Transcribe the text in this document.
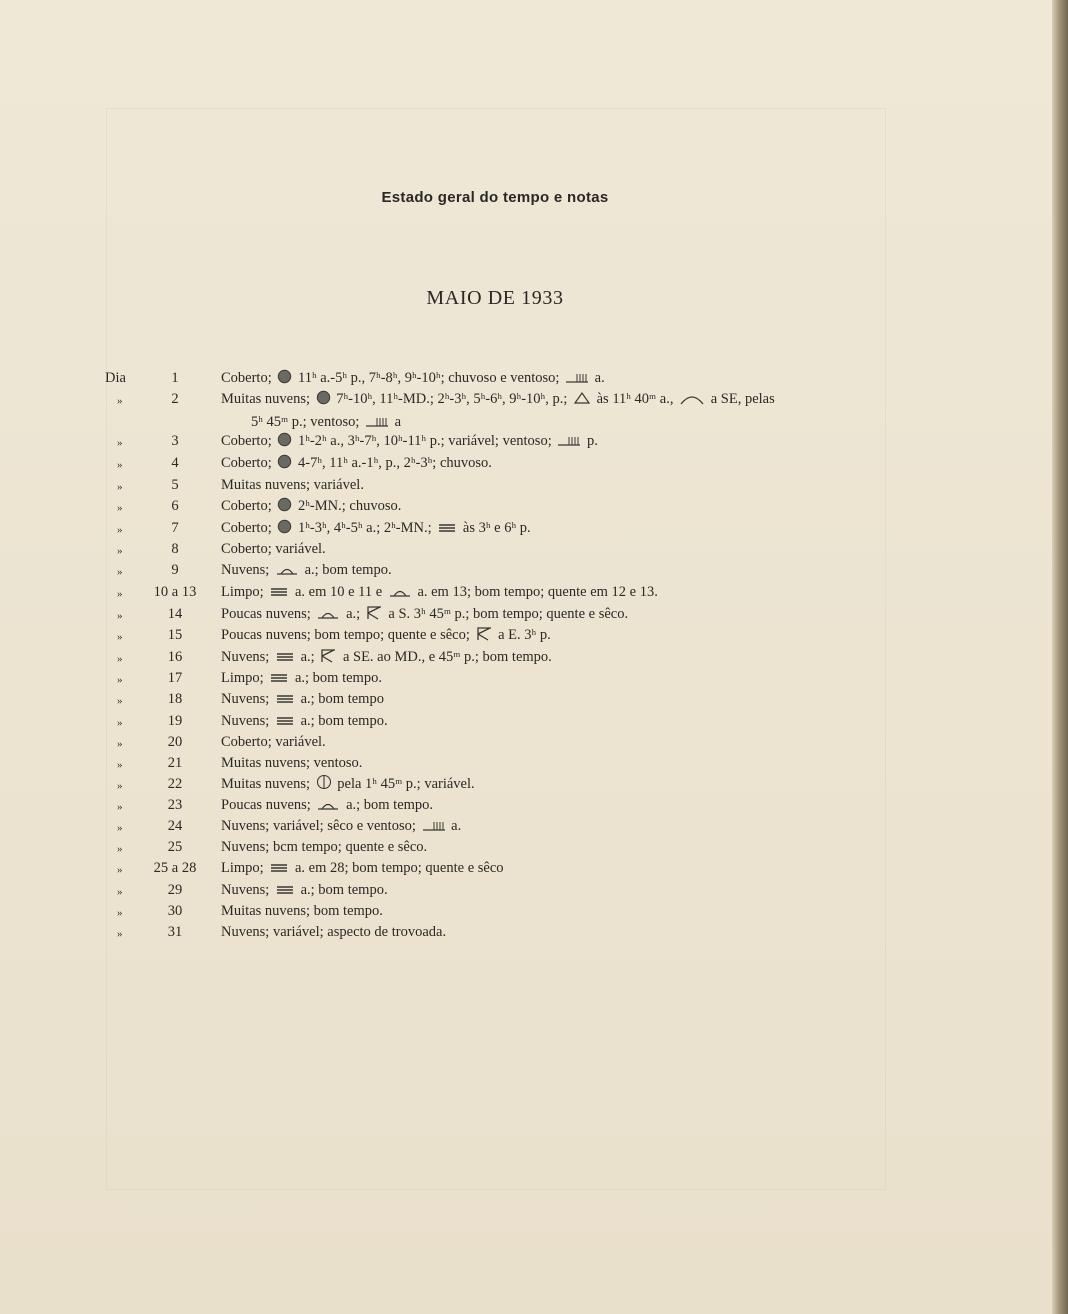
Estado geral do tempo e notas
MAIO DE 1933
Dia	1	Coberto;  11ʰ a.-5ʰ p., 7ʰ-8ʰ, 9ʰ-10ʰ; chuvoso e ventoso;  a.
»	2	Muitas nuvens;  7ʰ-10ʰ, 11ʰ-MD.; 2ʰ-3ʰ, 5ʰ-6ʰ, 9ʰ-10ʰ, p.;  às 11ʰ 40ᵐ a.,  a SE, pelas
5ʰ 45ᵐ p.; ventoso;  a
»	3	Coberto;  1ʰ-2ʰ a., 3ʰ-7ʰ, 10ʰ-11ʰ p.; variável; ventoso;  p.
»	4	Coberto;  4-7ʰ, 11ʰ a.-1ʰ, p., 2ʰ-3ʰ; chuvoso.
»	5	Muitas nuvens; variável.
»	6	Coberto;  2ʰ-MN.; chuvoso.
»	7	Coberto;  1ʰ-3ʰ, 4ʰ-5ʰ a.; 2ʰ-MN.;  às 3ʰ e 6ʰ p.
»	8	Coberto; variável.
»	9	Nuvens;  a.; bom tempo.
»	10 a 13	Limpo;  a. em 10 e 11 e  a. em 13; bom tempo; quente em 12 e 13.
»	14	Poucas nuvens;  a.;  a S. 3ʰ 45ᵐ p.; bom tempo; quente e sêco.
»	15	Poucas nuvens; bom tempo; quente e sêco;  a E. 3ʰ p.
»	16	Nuvens;  a.;  a SE. ao MD., e 45ᵐ p.; bom tempo.
»	17	Limpo;  a.; bom tempo.
»	18	Nuvens;  a.; bom tempo
»	19	Nuvens;  a.; bom tempo.
»	20	Coberto; variável.
»	21	Muitas nuvens; ventoso.
»	22	Muitas nuvens;  pela 1ʰ 45ᵐ p.; variável.
»	23	Poucas nuvens;  a.; bom tempo.
»	24	Nuvens; variável; sêco e ventoso;  a.
»	25	Nuvens; bcm tempo; quente e sêco.
»	25 a 28	Limpo;  a. em 28; bom tempo; quente e sêco
»	29	Nuvens;  a.; bom tempo.
»	30	Muitas nuvens; bom tempo.
»	31	Nuvens; variável; aspecto de trovoada.
